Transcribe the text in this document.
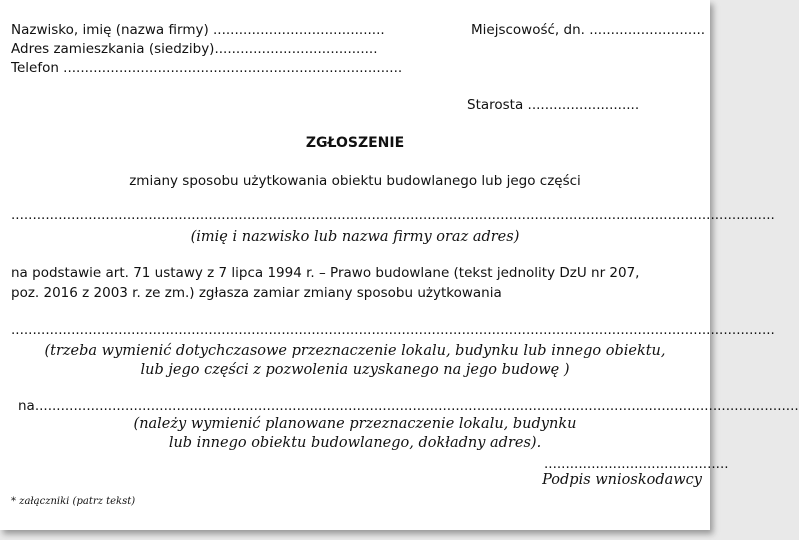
Nazwisko, imię (nazwa firmy) ........................................
Adres zamieszkania (siedziby)......................................
Telefon ...............................................................................
Miejscowość, dn. ...........................
Starosta ..........................
ZGŁOSZENIE
zmiany sposobu użytkowania obiektu budowlanego lub jego części
..................................................................................................................................................................................
(imię i nazwisko lub nazwa firmy oraz adres)
na podstawie art. 71 ustawy z 7 lipca 1994 r. – Prawo budowlane (tekst jednolity DzU nr 207,
poz. 2016 z 2003 r. ze zm.) zgłasza zamiar zmiany sposobu użytkowania
..................................................................................................................................................................................
(trzeba wymienić dotychczasowe przeznaczenie lokalu, budynku lub innego obiektu,
lub jego części z pozwolenia uzyskanego na jego budowę )
na..................................................................................................................................................................................
(należy wymienić planowane przeznaczenie lokalu, budynku
lub innego obiektu budowlanego, dokładny adres).
...........................................
Podpis wnioskodawcy
* załączniki (patrz tekst)
